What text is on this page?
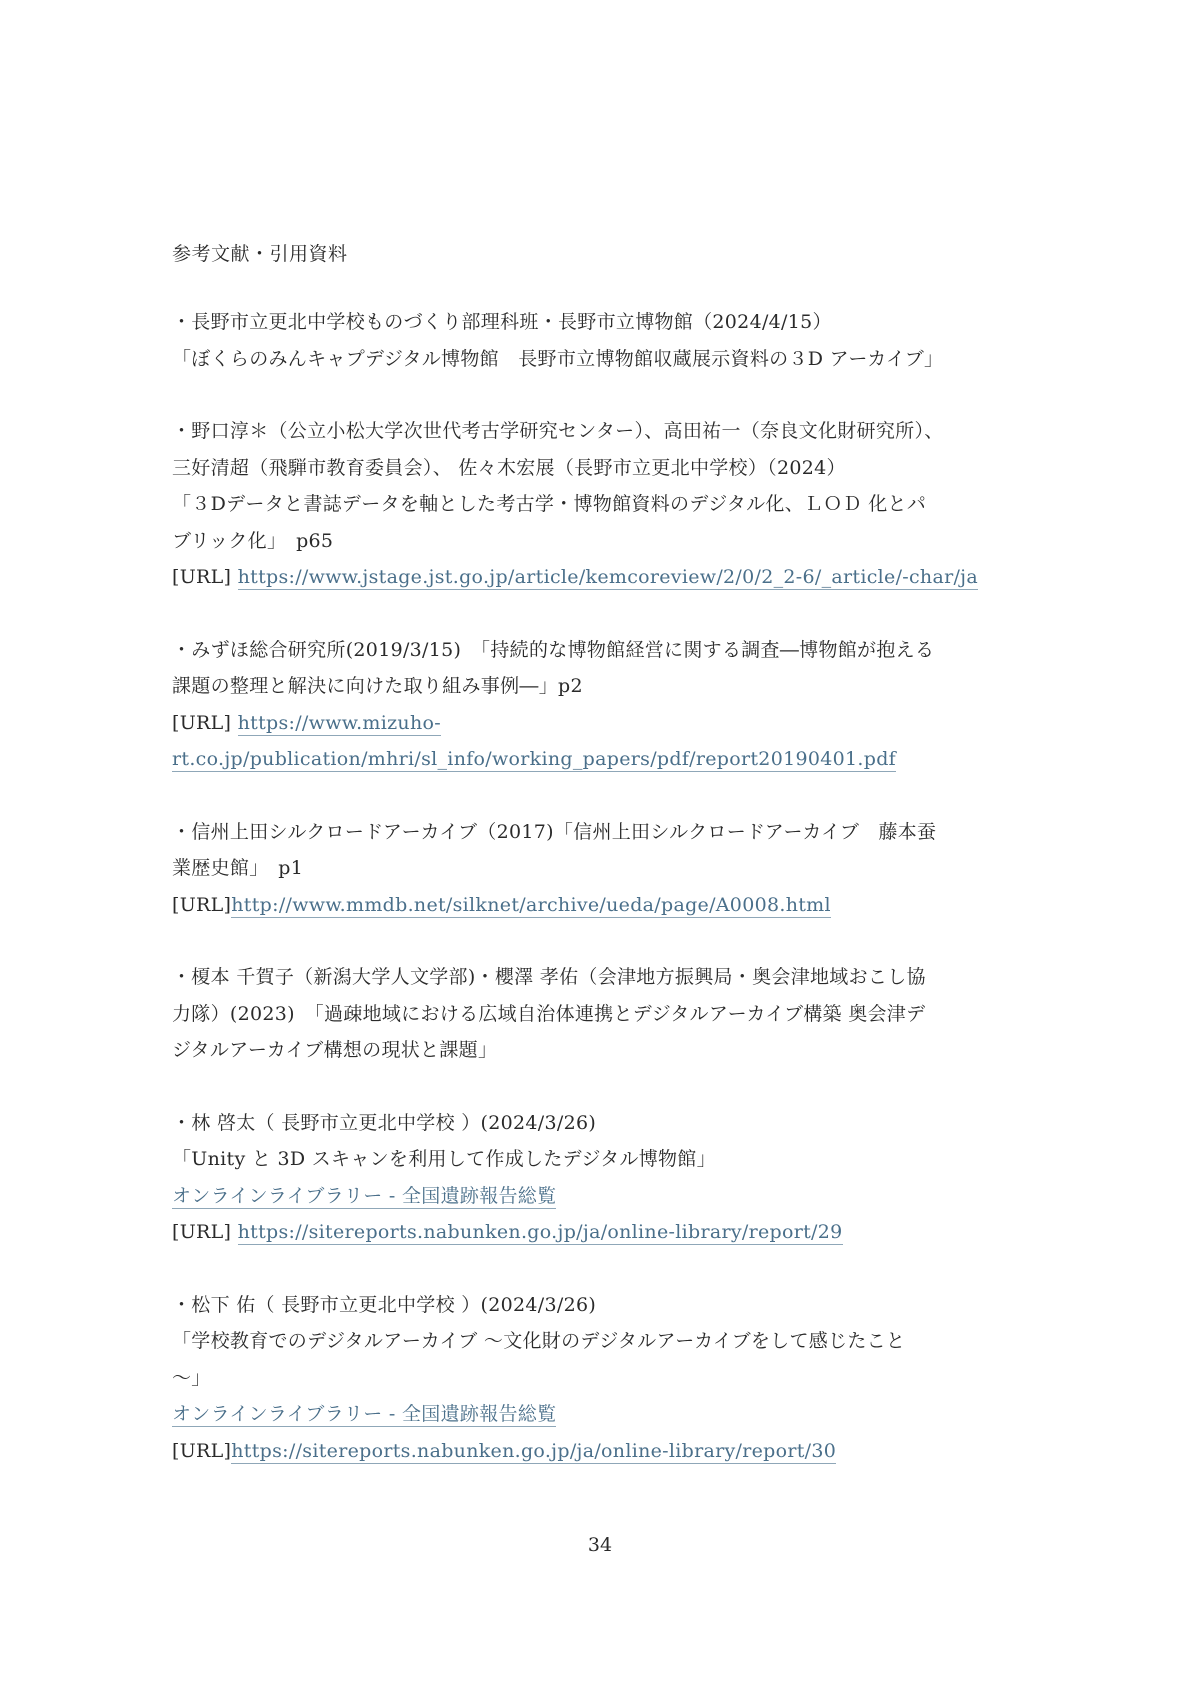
参考文献・引用資料
・長野市立更北中学校ものづくり部理科班・長野市立博物館（2024/4/15）
「ぼくらのみんキャプデジタル博物館　長野市立博物館収蔵展示資料の３D アーカイブ」
・野口淳＊（公立小松大学次世代考古学研究センター）、高田祐一（奈良文化財研究所）、
三好清超（飛騨市教育委員会）、 佐々木宏展（長野市立更北中学校）（2024）
「３Dデータと書誌データを軸とした考古学・博物館資料のデジタル化、ＬＯＤ 化とパ
ブリック化」　p65
[URL] https://www.jstage.jst.go.jp/article/kemcoreview/2/0/2_2-6/_article/-char/ja
・みずほ総合研究所(2019/3/15)　「持続的な博物館経営に関する調査―博物館が抱える
課題の整理と解決に向けた取り組み事例―」p2
[URL] https://www.mizuho-
rt.co.jp/publication/mhri/sl_info/working_papers/pdf/report20190401.pdf
・信州上田シルクロードアーカイブ（2017)「信州上田シルクロードアーカイブ　藤本蚕
業歴史館」　p1
[URL]http://www.mmdb.net/silknet/archive/ueda/page/A0008.html
・榎本 千賀子（新潟大学人文学部)・櫻澤 孝佑（会津地方振興局・奥会津地域おこし協
力隊）(2023)　「過疎地域における広域自治体連携とデジタルアーカイブ構築 奥会津デ
ジタルアーカイブ構想の現状と課題」
・林 啓太（ 長野市立更北中学校 ）(2024/3/26)
「Unity と 3D スキャンを利用して作成したデジタル博物館」
オンラインライブラリー - 全国遺跡報告総覧
[URL] https://sitereports.nabunken.go.jp/ja/online-library/report/29
・松下 佑（ 長野市立更北中学校 ）(2024/3/26)
「学校教育でのデジタルアーカイブ ～文化財のデジタルアーカイブをして感じたこと
～」
オンラインライブラリー - 全国遺跡報告総覧
[URL]https://sitereports.nabunken.go.jp/ja/online-library/report/30
34
